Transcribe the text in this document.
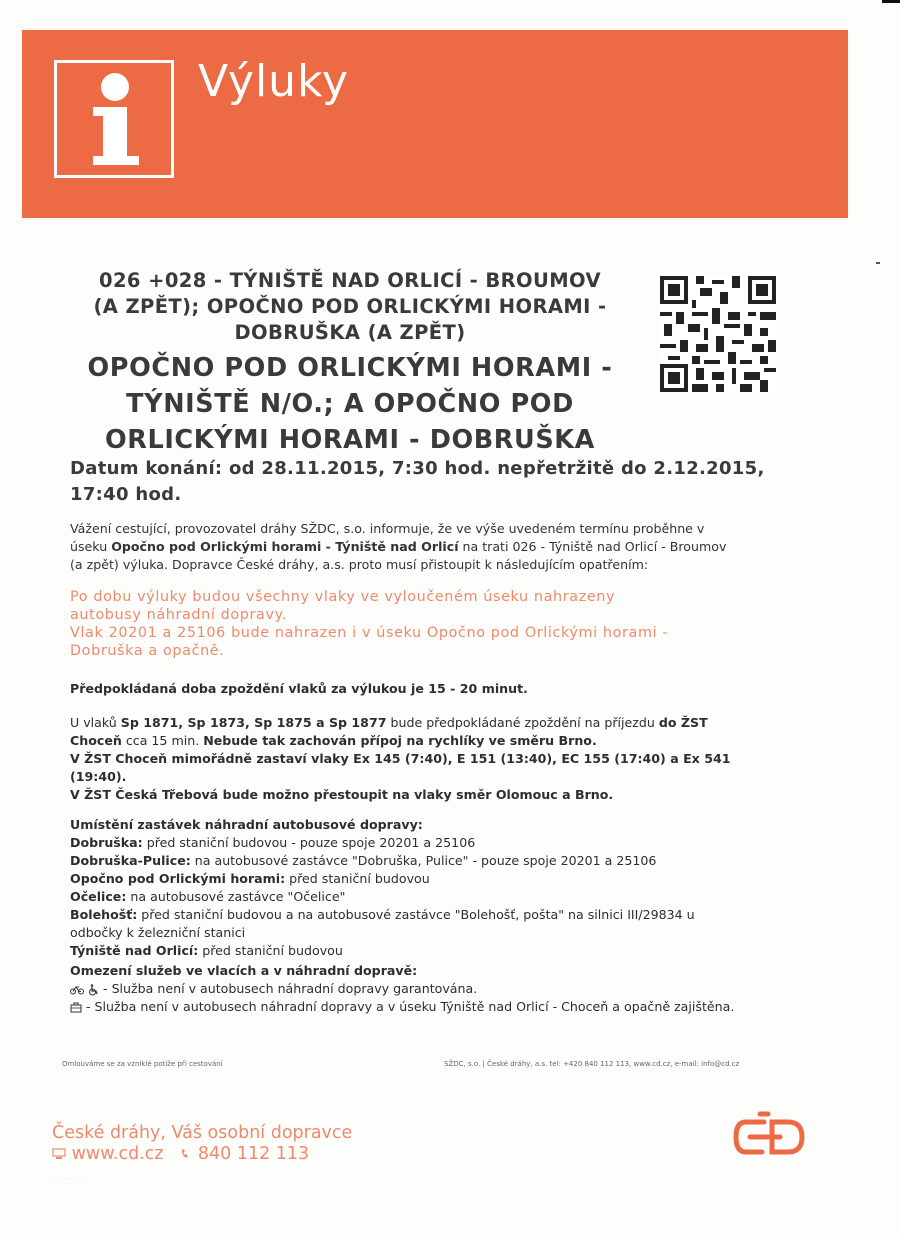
Výluky
026 +028 - TÝNIŠTĚ NAD ORLICÍ - BROUMOV
(A ZPĚT); OPOČNO POD ORLICKÝMI HORAMI -
DOBRUŠKA (A ZPĚT)
OPOČNO POD ORLICKÝMI HORAMI -
TÝNIŠTĚ N/O.; A OPOČNO POD
ORLICKÝMI HORAMI - DOBRUŠKA
Datum konání: od 28.11.2015, 7:30 hod. nepřetržitě do 2.12.2015,
17:40 hod.
Vážení cestující, provozovatel dráhy SŽDC, s.o. informuje, že ve výše uvedeném termínu proběhne v
úseku Opočno pod Orlickými horami - Týniště nad Orlicí na trati 026 - Týniště nad Orlicí - Broumov
(a zpět) výluka. Dopravce České dráhy, a.s. proto musí přistoupit k následujícím opatřením:
Po dobu výluky budou všechny vlaky ve vyloučeném úseku nahrazeny
autobusy náhradní dopravy.
Vlak 20201 a 25106 bude nahrazen i v úseku Opočno pod Orlickými horami -
Dobruška a opačně.
Předpokládaná doba zpoždění vlaků za výlukou je 15 - 20 minut.
U vlaků Sp 1871, Sp 1873, Sp 1875 a Sp 1877 bude předpokládané zpoždění na příjezdu do ŽST
Choceň cca 15 min. Nebude tak zachován přípoj na rychlíky ve směru Brno.
V ŽST Choceň mimořádně zastaví vlaky Ex 145 (7:40), E 151 (13:40), EC 155 (17:40) a Ex 541
(19:40).
V ŽST Česká Třebová bude možno přestoupit na vlaky směr Olomouc a Brno.
Umístění zastávek náhradní autobusové dopravy:
Dobruška: před staniční budovou - pouze spoje 20201 a 25106
Dobruška-Pulice: na autobusové zastávce "Dobruška, Pulice" - pouze spoje 20201 a 25106
Opočno pod Orlickými horami: před staniční budovou
Očelice: na autobusové zastávce "Očelice"
Bolehošť: před staniční budovou a na autobusové zastávce "Bolehošť, pošta" na silnici III/29834 u
odbočky k železniční stanici
Týniště nad Orlicí: před staniční budovou
Omezení služeb ve vlacích a v náhradní dopravě:
- Služba není v autobusech náhradní dopravy garantována.
- Služba není v autobusech náhradní dopravy a v úseku Týniště nad Orlicí - Choceň a opačně zajištěna.
Omlouváme se za vzniklé potíže při cestování	SŽDC, s.o. | České dráhy, a.s. tel: +420 840 112 113, www.cd.cz, e-mail: info@cd.cz
České dráhy, Váš osobní dopravce
www.cd.cz 840 112 113
· · · · · · · · · · ·
